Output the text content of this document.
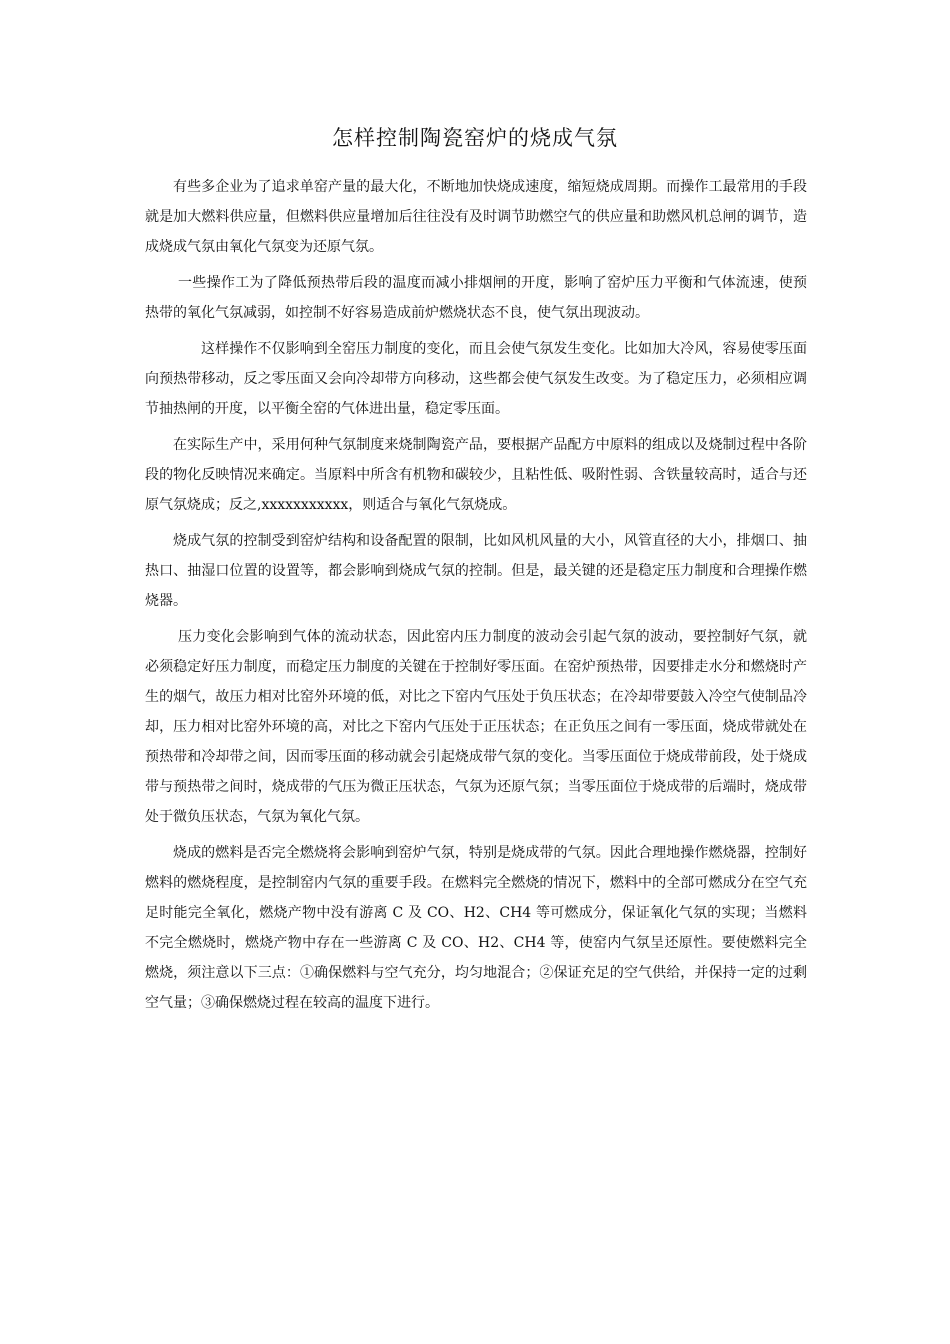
怎样控制陶瓷窑炉的烧成气氛

有些多企业为了追求单窑产量的最大化，不断地加快烧成速度，缩短烧成周期。而操作工最常用的手段就是加大燃料供应量，但燃料供应量增加后往往没有及时调节助燃空气的供应量和助燃风机总闸的调节，造成烧成气氛由氧化气氛变为还原气氛。

一些操作工为了降低预热带后段的温度而减小排烟闸的开度，影响了窑炉压力平衡和气体流速，使预热带的氧化气氛减弱，如控制不好容易造成前炉燃烧状态不良，使气氛出现波动。

这样操作不仅影响到全窑压力制度的变化，而且会使气氛发生变化。比如加大冷风，容易使零压面向预热带移动，反之零压面又会向冷却带方向移动，这些都会使气氛发生改变。为了稳定压力，必须相应调节抽热闸的开度，以平衡全窑的气体进出量，稳定零压面。

在实际生产中，采用何种气氛制度来烧制陶瓷产品，要根据产品配方中原料的组成以及烧制过程中各阶段的物化反映情况来确定。当原料中所含有机物和碳较少，且粘性低、吸附性弱、含铁量较高时，适合与还原气氛烧成；反之,xxxxxxxxxxx，则适合与氧化气氛烧成。

烧成气氛的控制受到窑炉结构和设备配置的限制，比如风机风量的大小，风管直径的大小，排烟口、抽热口、抽湿口位置的设置等，都会影响到烧成气氛的控制。但是，最关键的还是稳定压力制度和合理操作燃烧器。

压力变化会影响到气体的流动状态，因此窑内压力制度的波动会引起气氛的波动，要控制好气氛，就必须稳定好压力制度，而稳定压力制度的关键在于控制好零压面。在窑炉预热带，因要排走水分和燃烧时产生的烟气，故压力相对比窑外环境的低，对比之下窑内气压处于负压状态；在冷却带要鼓入冷空气使制品冷却，压力相对比窑外环境的高，对比之下窑内气压处于正压状态；在正负压之间有一零压面，烧成带就处在预热带和冷却带之间，因而零压面的移动就会引起烧成带气氛的变化。当零压面位于烧成带前段，处于烧成带与预热带之间时，烧成带的气压为微正压状态，气氛为还原气氛；当零压面位于烧成带的后端时，烧成带处于微负压状态，气氛为氧化气氛。

烧成的燃料是否完全燃烧将会影响到窑炉气氛，特别是烧成带的气氛。因此合理地操作燃烧器，控制好燃料的燃烧程度，是控制窑内气氛的重要手段。在燃料完全燃烧的情况下，燃料中的全部可燃成分在空气充足时能完全氧化，燃烧产物中没有游离 C 及 CO、H2、CH4 等可燃成分，保证氧化气氛的实现；当燃料不完全燃烧时，燃烧产物中存在一些游离 C 及 CO、H2、CH4 等，使窑内气氛呈还原性。要使燃料完全燃烧，须注意以下三点：①确保燃料与空气充分，均匀地混合；②保证充足的空气供给，并保持一定的过剩空气量；③确保燃烧过程在较高的温度下进行。
